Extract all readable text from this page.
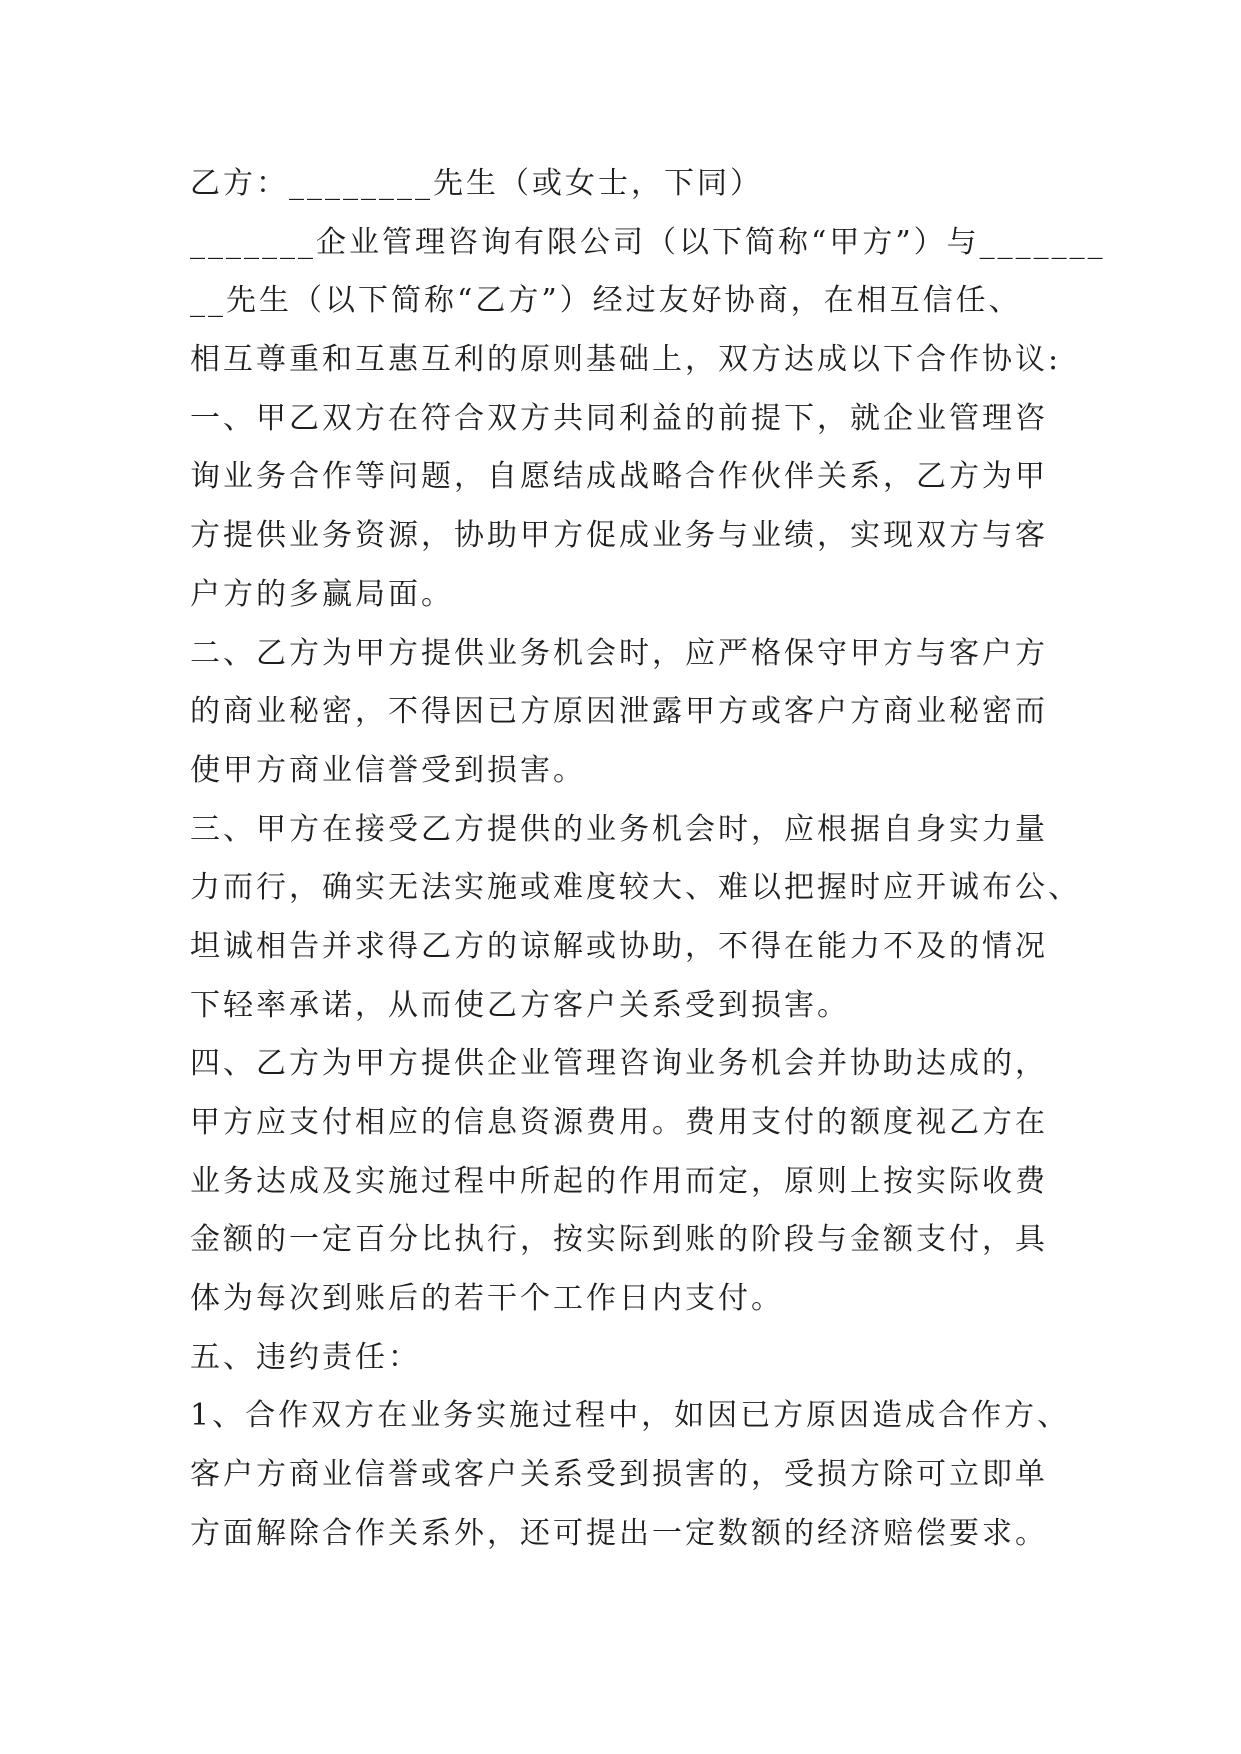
乙方：________先生（或女士，下同）
_______企业管理咨询有限公司（以下简称“甲方”）与_______
__先生（以下简称“乙方”）经过友好协商，在相互信任、
相互尊重和互惠互利的原则基础上，双方达成以下合作协议:
一、甲乙双方在符合双方共同利益的前提下，就企业管理咨
询业务合作等问题，自愿结成战略合作伙伴关系，乙方为甲
方提供业务资源，协助甲方促成业务与业绩，实现双方与客
户方的多赢局面。
二、乙方为甲方提供业务机会时，应严格保守甲方与客户方
的商业秘密，不得因已方原因泄露甲方或客户方商业秘密而
使甲方商业信誉受到损害。
三、甲方在接受乙方提供的业务机会时，应根据自身实力量
力而行，确实无法实施或难度较大、难以把握时应开诚布公、
坦诚相告并求得乙方的谅解或协助，不得在能力不及的情况
下轻率承诺，从而使乙方客户关系受到损害。
四、乙方为甲方提供企业管理咨询业务机会并协助达成的，
甲方应支付相应的信息资源费用。费用支付的额度视乙方在
业务达成及实施过程中所起的作用而定，原则上按实际收费
金额的一定百分比执行，按实际到账的阶段与金额支付，具
体为每次到账后的若干个工作日内支付。
五、违约责任：
1、合作双方在业务实施过程中，如因已方原因造成合作方、
客户方商业信誉或客户关系受到损害的，受损方除可立即单
方面解除合作关系外，还可提出一定数额的经济赔偿要求。
